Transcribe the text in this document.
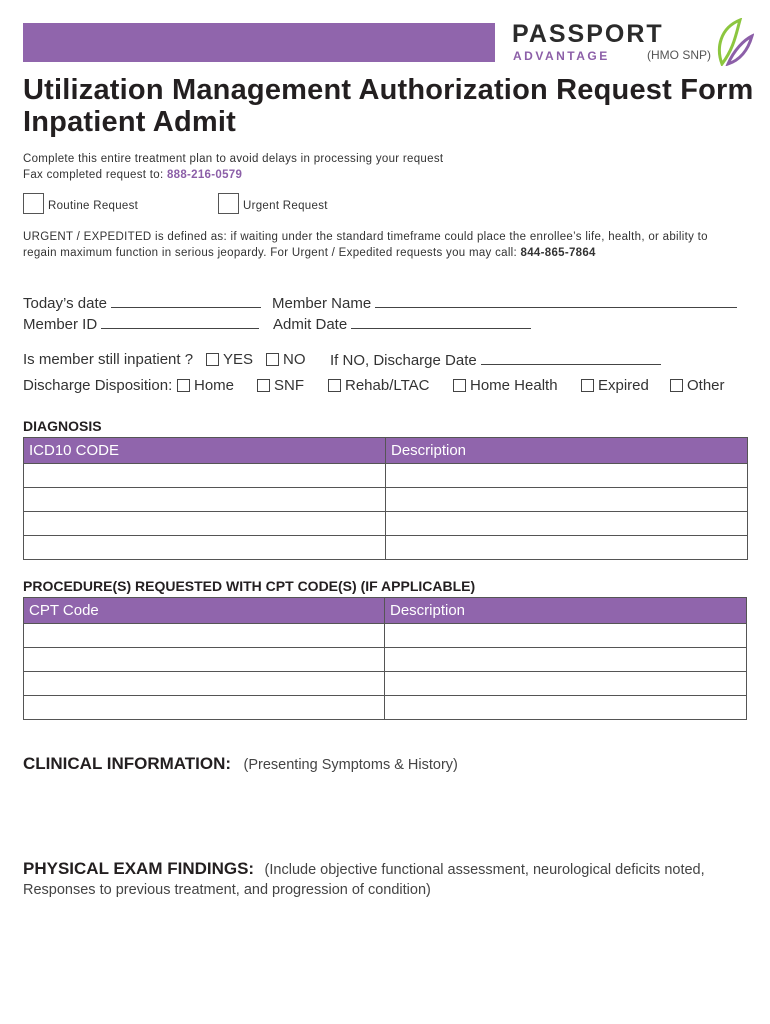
PASSPORT
ADVANTAGE	(HMO SNP)
Utilization Management Authorization Request Form
Inpatient Admit
Complete this entire treatment plan to avoid delays in processing your request
Fax completed request to: 888-216-0579
Routine Request	Urgent Request
URGENT / EXPEDITED is defined as: if waiting under the standard timeframe could place the enrollee’s life, health, or ability to
regain maximum function in serious jeopardy. For Urgent / Expedited requests you may call: 844-865-7864
Today’s date	Member Name
Member ID	Admit Date
Is member still inpatient ?	YES	NO If NO, Discharge Date
Discharge Disposition:	Home	SNF	Rehab/LTAC	Home Health	Expired	Other
DIAGNOSIS
ICD10 CODE	Description

PROCEDURE(S) REQUESTED WITH CPT CODE(S) (IF APPLICABLE)
CPT Code	Description

CLINICAL INFORMATION: (Presenting Symptoms & History)
PHYSICAL EXAM FINDINGS: (Include objective functional assessment, neurological deficits noted,
Responses to previous treatment, and progression of condition)
